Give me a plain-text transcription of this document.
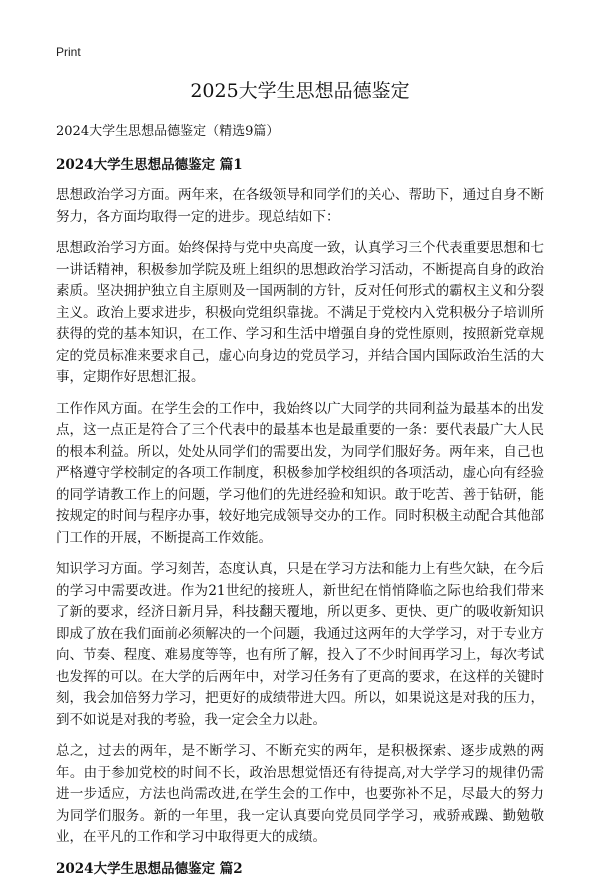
Print
2025大学生思想品德鉴定
2024大学生思想品德鉴定（精选9篇）
2024大学生思想品德鉴定 篇1

思想政治学习方面。两年来，在各级领导和同学们的关心、帮助下，通过自身不断努力，各方面均取得一定的进步。现总结如下：

思想政治学习方面。始终保持与党中央高度一致，认真学习三个代表重要思想和七一讲话精神，积极参加学院及班上组织的思想政治学习活动，不断提高自身的政治素质。坚决拥护独立自主原则及一国两制的方针，反对任何形式的霸权主义和分裂主义。政治上要求进步，积极向党组织靠拢。不满足于党校内入党积极分子培训所获得的党的基本知识，在工作、学习和生活中增强自身的党性原则，按照新党章规定的党员标准来要求自己，虚心向身边的党员学习，并结合国内国际政治生活的大事，定期作好思想汇报。

工作作风方面。在学生会的工作中，我始终以广大同学的共同利益为最基本的出发点，这一点正是符合了三个代表中的最基本也是最重要的一条：要代表最广大人民的根本利益。所以，处处从同学们的需要出发，为同学们服好务。两年来，自己也严格遵守学校制定的各项工作制度，积极参加学校组织的各项活动，虚心向有经验的同学请教工作上的问题，学习他们的先进经验和知识。敢于吃苦、善于钻研，能按规定的时间与程序办事，较好地完成领导交办的工作。同时积极主动配合其他部门工作的开展，不断提高工作效能。

知识学习方面。学习刻苦，态度认真，只是在学习方法和能力上有些欠缺，在今后的学习中需要改进。作为21世纪的接班人，新世纪在悄悄降临之际也给我们带来了新的要求，经济日新月异，科技翻天覆地，所以更多、更快、更广的吸收新知识即成了放在我们面前必须解决的一个问题，我通过这两年的大学学习，对于专业方向、节奏、程度、难易度等等，也有所了解，投入了不少时间再学习上，每次考试也发挥的可以。在大学的后两年中，对学习任务有了更高的要求，在这样的关键时刻，我会加倍努力学习，把更好的成绩带进大四。所以，如果说这是对我的压力，到不如说是对我的考验，我一定会全力以赴。

总之，过去的两年，是不断学习、不断充实的两年，是积极探索、逐步成熟的两年。由于参加党校的时间不长，政治思想觉悟还有待提高,对大学学习的规律仍需进一步适应，方法也尚需改进,在学生会的工作中，也要弥补不足，尽最大的努力为同学们服务。新的一年里，我一定认真要向党员同学学习，戒骄戒躁、勤勉敬业，在平凡的工作和学习中取得更大的成绩。

2024大学生思想品德鉴定 篇2
